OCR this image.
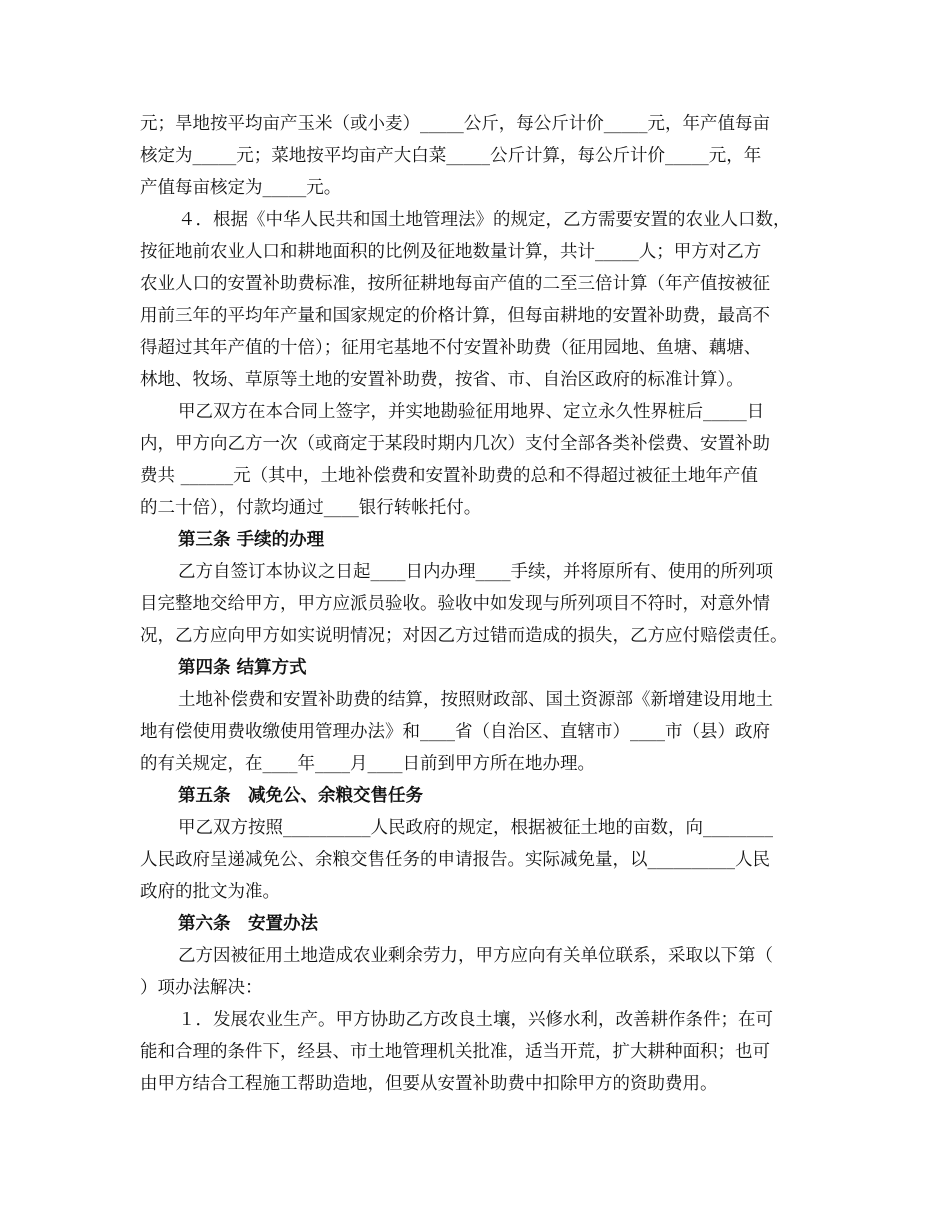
元；旱地按平均亩产玉米（或小麦）_____公斤，每公斤计价_____元，年产值每亩
核定为_____元；菜地按平均亩产大白菜_____公斤计算，每公斤计价_____元，年
产值每亩核定为_____元。
４．根据《中华人民共和国土地管理法》的规定，乙方需要安置的农业人口数，
按征地前农业人口和耕地面积的比例及征地数量计算，共计_____人；甲方对乙方
农业人口的安置补助费标准，按所征耕地每亩产值的二至三倍计算（年产值按被征
用前三年的平均年产量和国家规定的价格计算，但每亩耕地的安置补助费，最高不
得超过其年产值的十倍）；征用宅基地不付安置补助费（征用园地、鱼塘、藕塘、
林地、牧场、草原等土地的安置补助费，按省、市、自治区政府的标准计算）。
甲乙双方在本合同上签字，并实地勘验征用地界、定立永久性界桩后_____日
内，甲方向乙方一次（或商定于某段时期内几次）支付全部各类补偿费、安置补助
费共 ______元（其中，土地补偿费和安置补助费的总和不得超过被征土地年产值
的二十倍），付款均通过____银行转帐托付。
第三条 手续的办理
乙方自签订本协议之日起____日内办理____手续，并将原所有、使用的所列项
目完整地交给甲方，甲方应派员验收。验收中如发现与所列项目不符时，对意外情
况，乙方应向甲方如实说明情况；对因乙方过错而造成的损失，乙方应付赔偿责任。
第四条 结算方式
土地补偿费和安置补助费的结算，按照财政部、国土资源部《新增建设用地土
地有偿使用费收缴使用管理办法》和____省（自治区、直辖市）____市（县）政府
的有关规定，在____年____月____日前到甲方所在地办理。
第五条　减免公、余粮交售任务
甲乙双方按照__________人民政府的规定，根据被征土地的亩数，向________
人民政府呈递减免公、余粮交售任务的申请报告。实际减免量，以__________人民
政府的批文为准。
第六条　安置办法
乙方因被征用土地造成农业剩余劳力，甲方应向有关单位联系，采取以下第（
）项办法解决：
１．发展农业生产。甲方协助乙方改良土壤，兴修水利，改善耕作条件；在可
能和合理的条件下，经县、市土地管理机关批准，适当开荒，扩大耕种面积；也可
由甲方结合工程施工帮助造地，但要从安置补助费中扣除甲方的资助费用。
